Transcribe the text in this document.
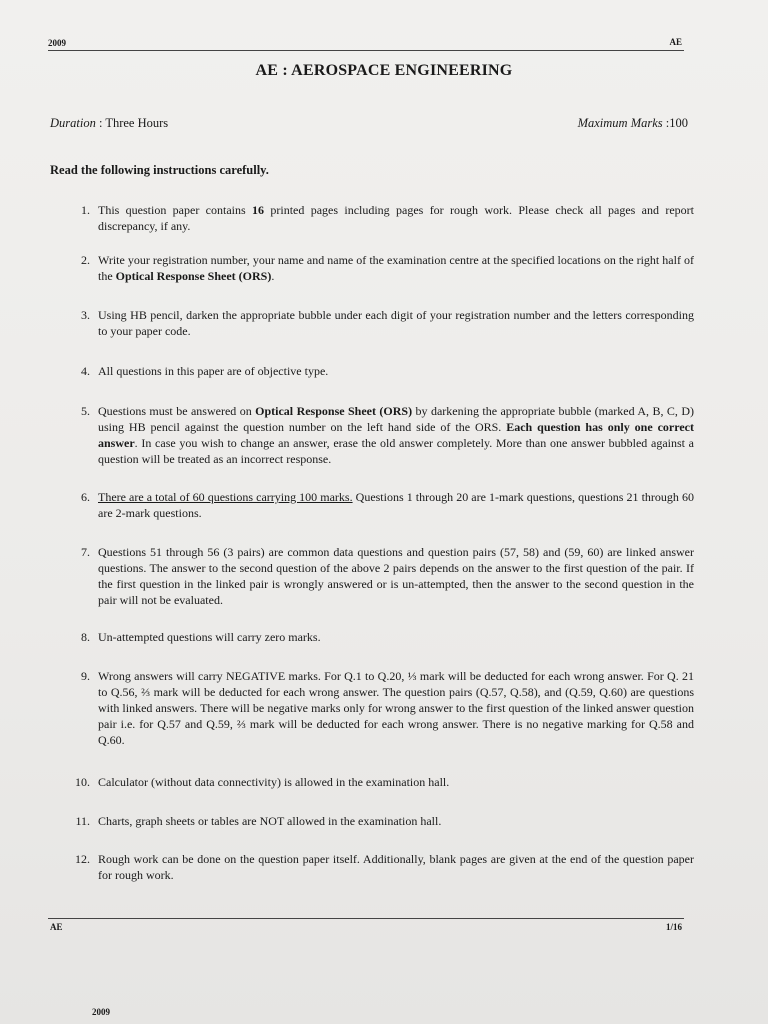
2009	AE
AE : AEROSPACE ENGINEERING
Duration : Three Hours	Maximum Marks :100
Read the following instructions carefully.
1. This question paper contains 16 printed pages including pages for rough work. Please check all pages and report discrepancy, if any.
2. Write your registration number, your name and name of the examination centre at the specified locations on the right half of the Optical Response Sheet (ORS).
3. Using HB pencil, darken the appropriate bubble under each digit of your registration number and the letters corresponding to your paper code.
4. All questions in this paper are of objective type.
5. Questions must be answered on Optical Response Sheet (ORS) by darkening the appropriate bubble (marked A, B, C, D) using HB pencil against the question number on the left hand side of the ORS. Each question has only one correct answer. In case you wish to change an answer, erase the old answer completely. More than one answer bubbled against a question will be treated as an incorrect response.
6. There are a total of 60 questions carrying 100 marks. Questions 1 through 20 are 1-mark questions, questions 21 through 60 are 2-mark questions.
7. Questions 51 through 56 (3 pairs) are common data questions and question pairs (57, 58) and (59, 60) are linked answer questions. The answer to the second question of the above 2 pairs depends on the answer to the first question of the pair. If the first question in the linked pair is wrongly answered or is un-attempted, then the answer to the second question in the pair will not be evaluated.
8. Un-attempted questions will carry zero marks.
9. Wrong answers will carry NEGATIVE marks. For Q.1 to Q.20, ⅓ mark will be deducted for each wrong answer. For Q. 21 to Q.56, ⅔ mark will be deducted for each wrong answer. The question pairs (Q.57, Q.58), and (Q.59, Q.60) are questions with linked answers. There will be negative marks only for wrong answer to the first question of the linked answer question pair i.e. for Q.57 and Q.59, ⅔ mark will be deducted for each wrong answer. There is no negative marking for Q.58 and Q.60.
10. Calculator (without data connectivity) is allowed in the examination hall.
11. Charts, graph sheets or tables are NOT allowed in the examination hall.
12. Rough work can be done on the question paper itself. Additionally, blank pages are given at the end of the question paper for rough work.
AE	1/16
2009
